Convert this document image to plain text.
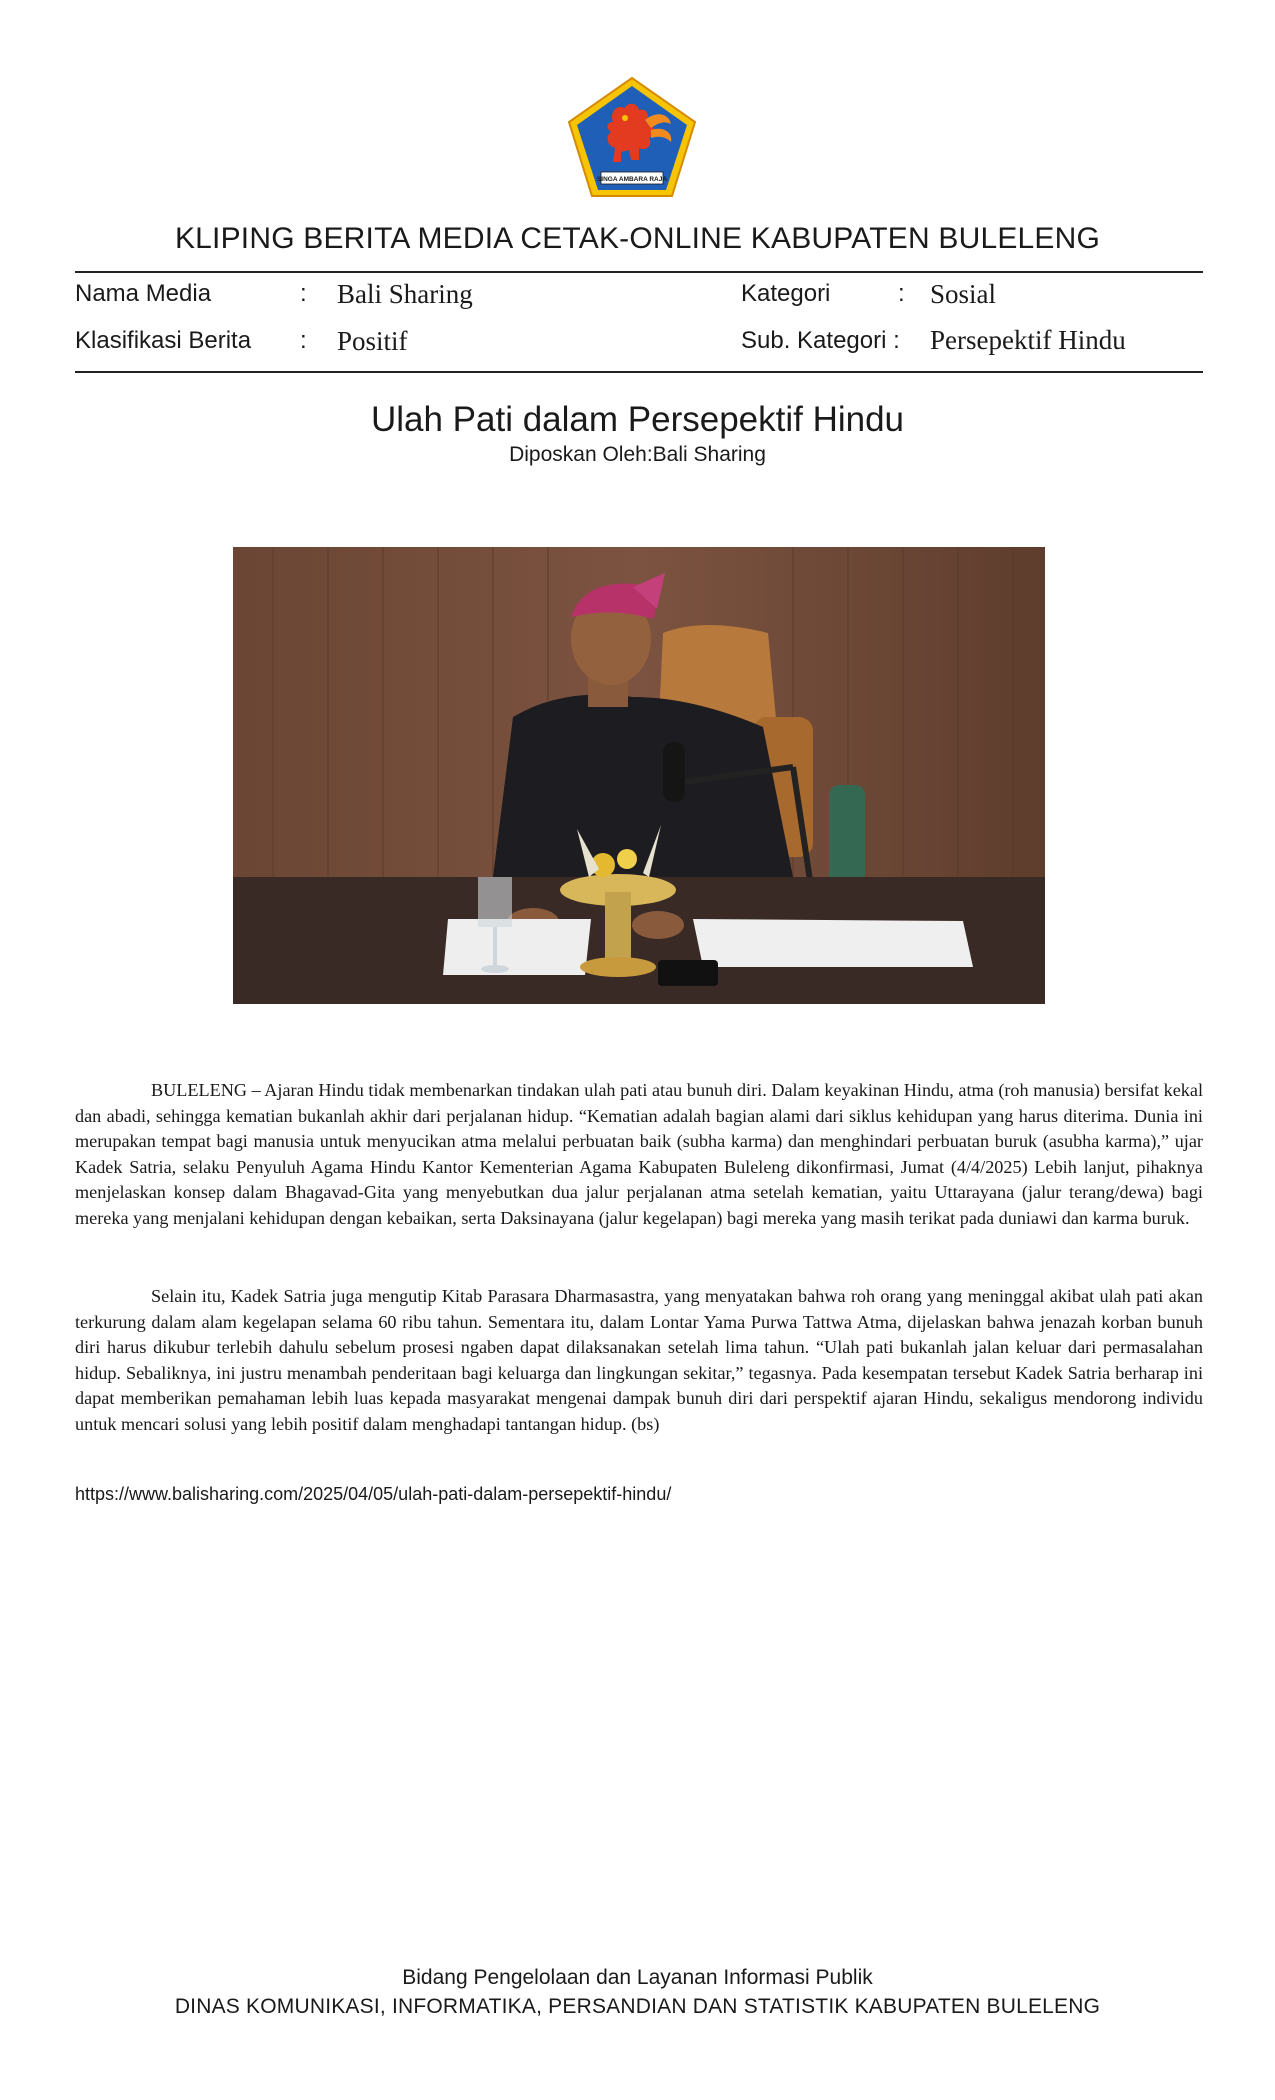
SINGA AMBARA RAJA
KLIPING BERITA MEDIA CETAK-ONLINE KABUPATEN BULELENG
Nama Media	: Bali Sharing	Kategori	: Sosial
Klasifikasi Berita : Positif	Sub. Kategori : Persepektif Hindu
Ulah Pati dalam Persepektif Hindu
Diposkan Oleh:Bali Sharing

BULELENG – Ajaran Hindu tidak membenarkan tindakan ulah pati atau bunuh diri. Dalam keyakinan Hindu, atma (roh manusia) bersifat kekal dan abadi, sehingga kematian bukanlah akhir dari perjalanan hidup. “Kematian adalah bagian alami dari siklus kehidupan yang harus diterima. Dunia ini merupakan tempat bagi manusia untuk menyucikan atma melalui perbuatan baik (subha karma) dan menghindari perbuatan buruk (asubha karma),” ujar Kadek Satria, selaku Penyuluh Agama Hindu Kantor Kementerian Agama Kabupaten Buleleng dikonfirmasi, Jumat (4/4/2025) Lebih lanjut, pihaknya menjelaskan konsep dalam Bhagavad-Gita yang menyebutkan dua jalur perjalanan atma setelah kematian, yaitu Uttarayana (jalur terang/dewa) bagi mereka yang menjalani kehidupan dengan kebaikan, serta Daksinayana (jalur kegelapan) bagi mereka yang masih terikat pada duniawi dan karma buruk.

Selain itu, Kadek Satria juga mengutip Kitab Parasara Dharmasastra, yang menyatakan bahwa roh orang yang meninggal akibat ulah pati akan terkurung dalam alam kegelapan selama 60 ribu tahun. Sementara itu, dalam Lontar Yama Purwa Tattwa Atma, dijelaskan bahwa jenazah korban bunuh diri harus dikubur terlebih dahulu sebelum prosesi ngaben dapat dilaksanakan setelah lima tahun. “Ulah pati bukanlah jalan keluar dari permasalahan hidup. Sebaliknya, ini justru menambah penderitaan bagi keluarga dan lingkungan sekitar,” tegasnya. Pada kesempatan tersebut Kadek Satria berharap ini dapat memberikan pemahaman lebih luas kepada masyarakat mengenai dampak bunuh diri dari perspektif ajaran Hindu, sekaligus mendorong individu untuk mencari solusi yang lebih positif dalam menghadapi tantangan hidup. (bs)

https://www.balisharing.com/2025/04/05/ulah-pati-dalam-persepektif-hindu/
Bidang Pengelolaan dan Layanan Informasi Publik
DINAS KOMUNIKASI, INFORMATIKA, PERSANDIAN DAN STATISTIK KABUPATEN BULELENG
